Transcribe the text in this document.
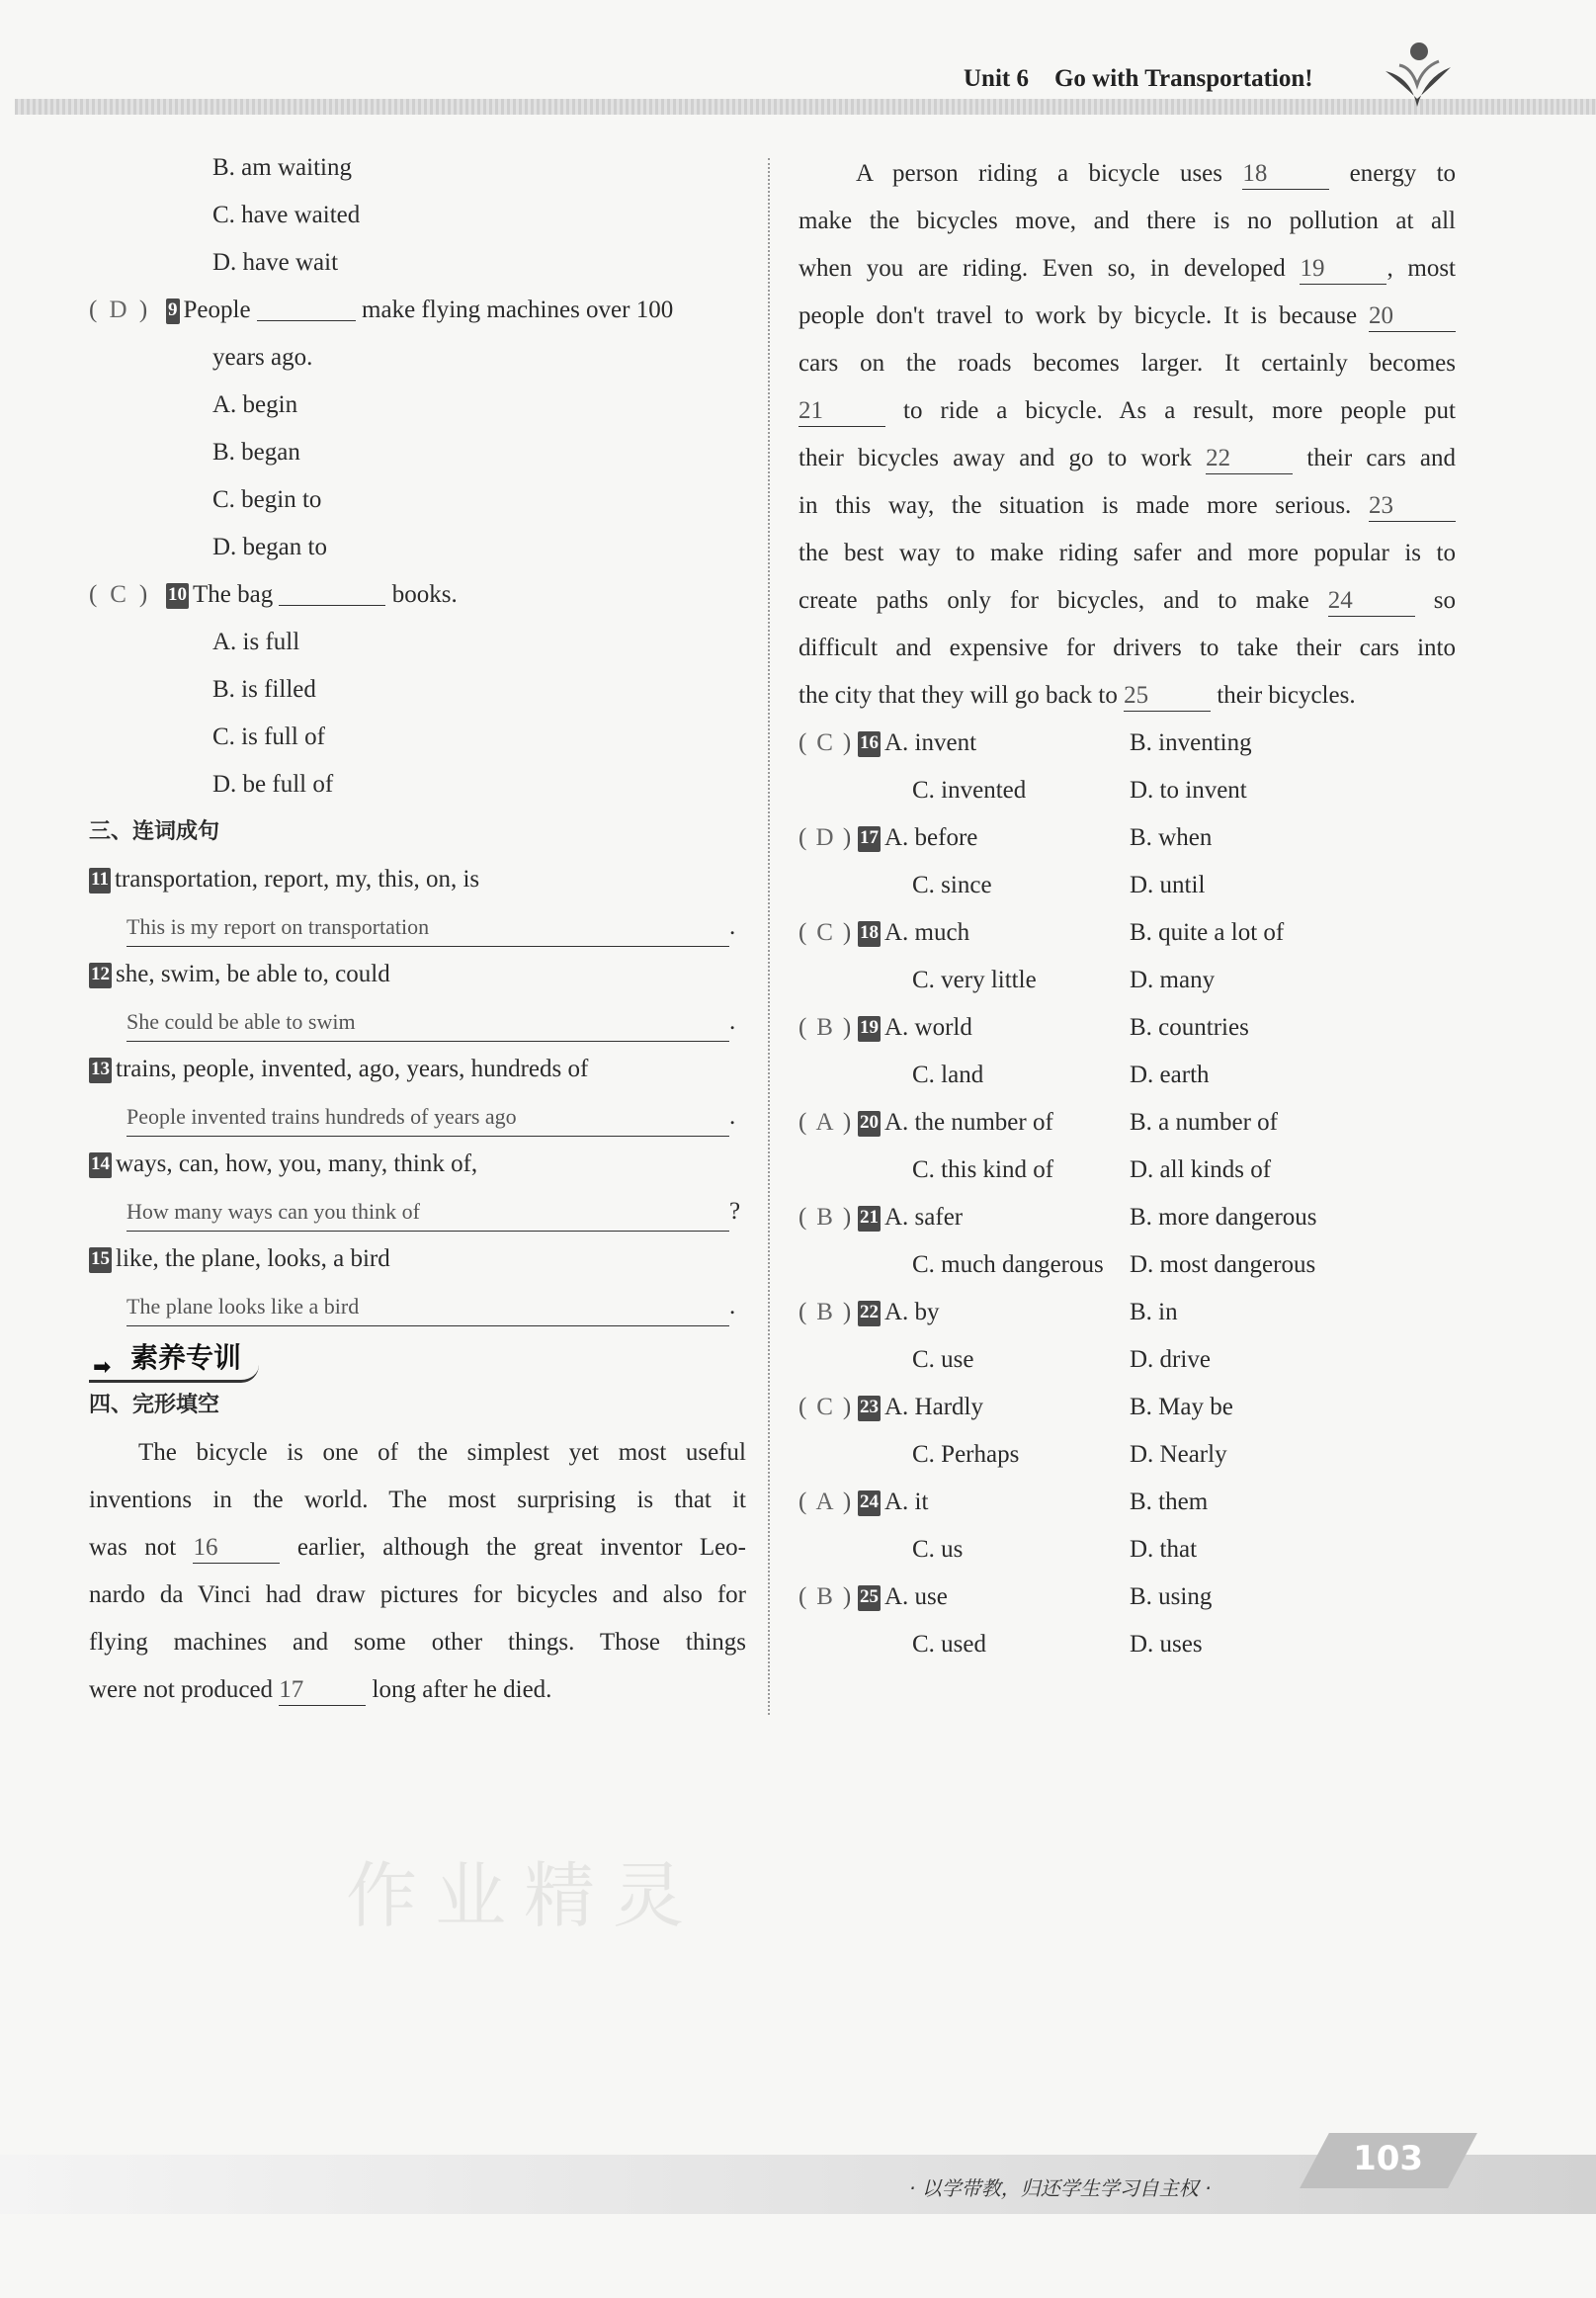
Unit 6 Go with Transportation!
B. am waiting
C. have waited
D. have wait
( D ) 9 People	make flying machines over 100
years ago.
A. begin
B. began
C. begin to
D. began to
( C ) 10 The bag	books.
A. is full
B. is filled
C. is full of
D. be full of
三、连词成句
11 transportation, report, my, this, on, is
This is my report on transportation	.
12 she, swim, be able to, could
She could be able to swim	.
13 trains, people, invented, ago, years, hundreds of
People invented trains hundreds of years ago	.
14 ways, can, how, you, many, think of,
How many ways can you think of	?
15 like, the plane, looks, a bird
The plane looks like a bird	.
➡ 素养专训
四、完形填空
The bicycle is one of the simplest yet most useful
inventions in the world. The most surprising is that it
was not 16	earlier, although the great inventor Leo-
nardo da Vinci had draw pictures for bicycles and also for
flying machines and some other things. Those things
were not produced 17	long after he died.
A person riding a bicycle uses 18	energy to
make the bicycles move, and there is no pollution at all
when you are riding. Even so, in developed 19	, most
people don't travel to work by bicycle. It is because 20
cars on the roads becomes larger. It certainly becomes
21	to ride a bicycle. As a result, more people put
their bicycles away and go to work 22	their cars and
in this way, the situation is made more serious. 23
the best way to make riding safer and more popular is to
create paths only for bicycles, and to make 24	so
difficult and expensive for drivers to take their cars into
the city that they will go back to 25	their bicycles.
( C ) 16 A. invent	B. inventing
C. invented	D. to invent
( D ) 17 A. before	B. when
C. since	D. until
( C ) 18 A. much	B. quite a lot of
C. very little	D. many
( B ) 19 A. world	B. countries
C. land	D. earth
( A ) 20 A. the number of	B. a number of
C. this kind of	D. all kinds of
( B ) 21 A. safer	B. more dangerous
C. much dangerous D. most dangerous
( B ) 22 A. by	B. in
C. use	D. drive
( C ) 23 A. Hardly	B. May be
C. Perhaps	D. Nearly
( A ) 24 A. it	B. them
C. us	D. that
( B ) 25 A. use	B. using
C. used	D. uses
作业精灵
· 以学带教，归还学生学习自主权 ·
103
